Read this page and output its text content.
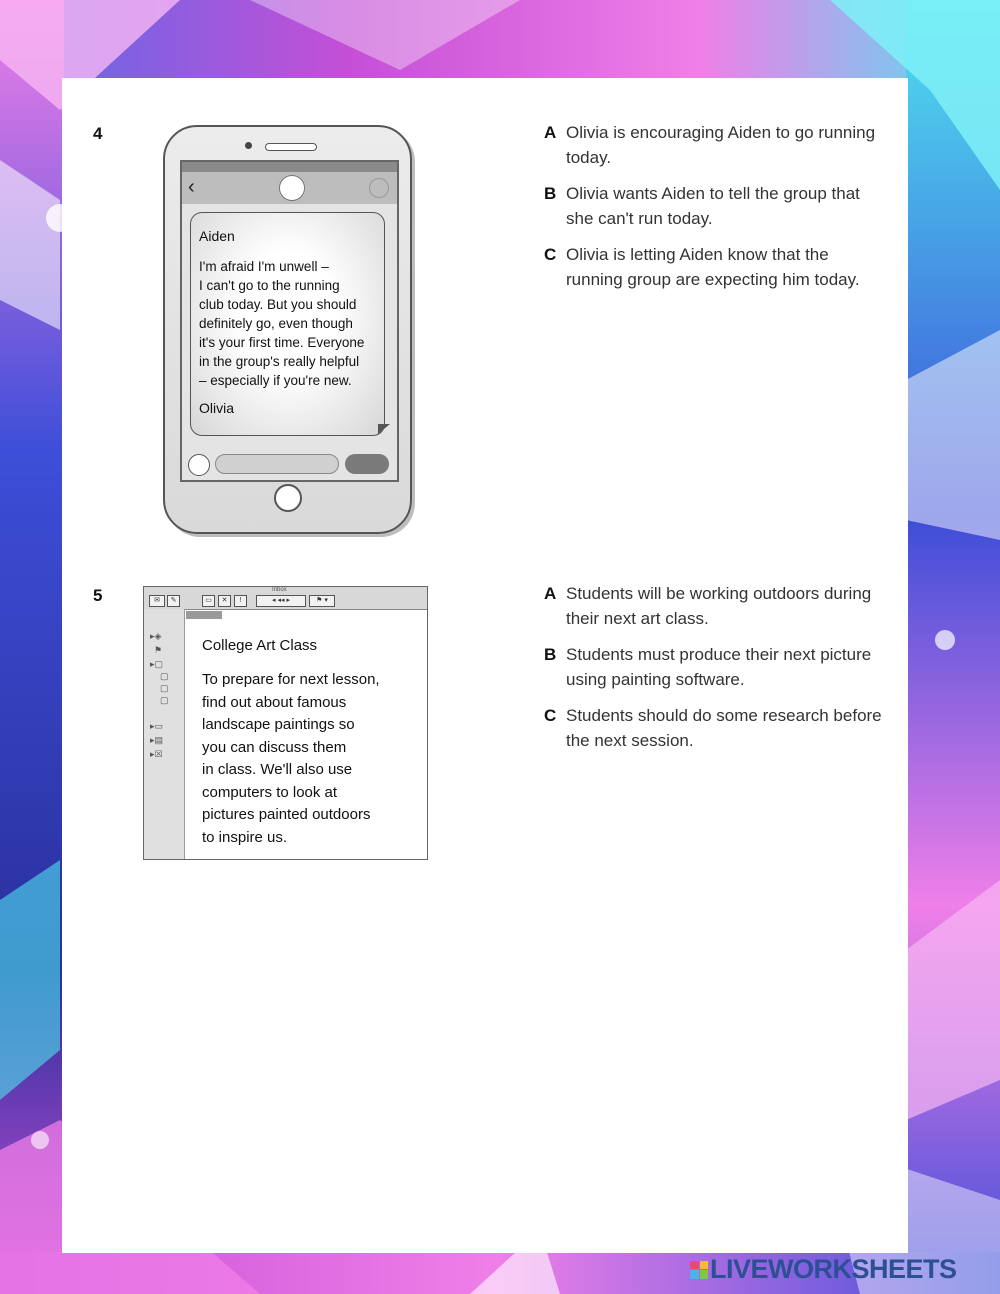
4
‹
Aiden
I'm afraid I'm unwell –
I can't go to the running
club today. But you should
definitely go, even though
it's your first time. Everyone
in the group's really helpful
– especially if you're new.
Olivia
A Olivia is encouraging Aiden to go running today.
B Olivia wants Aiden to tell the group that she can't run today.
C Olivia is letting Aiden know that the running group are expecting him today.
5	Inbox
✉	✎	▭	✕	!	◂ ◂◂ ▸	⚑ ▾
▸◈
⚑
▸▢
▢
▢
▢
▸▭
▸▤
▸☒
College Art Class
To prepare for next lesson,
find out about famous
landscape paintings so
you can discuss them
in class. We'll also use
computers to look at
pictures painted outdoors
to inspire us.
A Students will be working outdoors during their next art class.
B Students must produce their next picture using painting software.
C Students should do some research before the next session.
LIVEWORKSHEETS
